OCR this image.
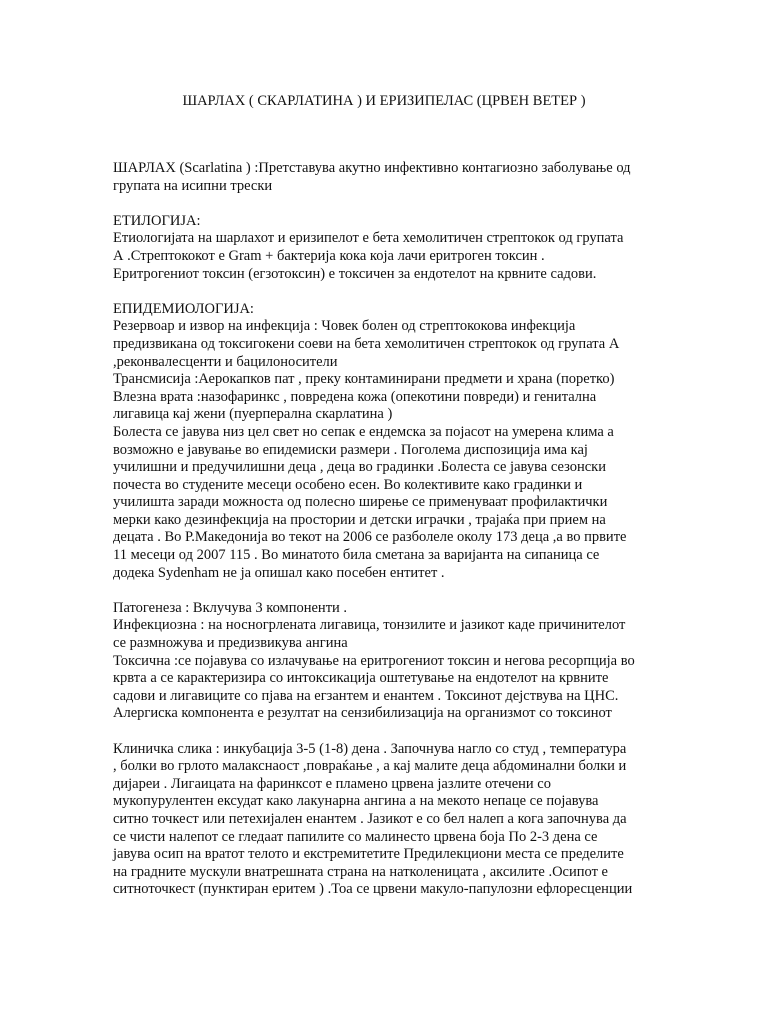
ШАРЛАХ ( СКАРЛАТИНА ) И ЕРИЗИПЕЛАС (ЦРВЕН ВЕТЕР )
ШАРЛАХ (Scarlatina ) :Претставува акутно инфективно контагиозно заболување од
групата на исипни трески
ЕТИЛОГИЈА:
Етиологијата на шарлахот и еризипелот е бета хемолитичен стрептокок од групата
А .Стрептококот е Gram + бактерија кока која лачи еритроген токсин .
Еритрогениот токсин (егзотоксин) е токсичен за ендотелот на крвните садови.
ЕПИДЕМИОЛОГИЈА:
Резервоар и извор на инфекција : Човек болен од стрептококова инфекција
предизвикана од токсигокени соеви на бета хемолитичен стрептокок од групата А
,реконвалесценти и бацилоносители
Трансмисија :Аерокапков пат , преку контаминирани предмети и храна (поретко)
Влезна врата :назофаринкс , повредена кожа (опекотини повреди) и генитална
лигавица кај жени (пуерперална скарлатина )
Болеста се јавува низ цел свет но сепак е ендемска за појасот на умерена клима а
возможно е јавување во епидемиски размери . Поголема диспозиција има кај
училишни и предучилишни деца , деца во градинки .Болеста се јавува сезонски
почеста во студените месеци особено есен. Во колективите како градинки и
училишта заради можноста од полесно ширење се применуваат профилактички
мерки како дезинфекција на простории и детски играчки , трајаќа при прием на
децата . Во Р.Македонија во текот на 2006 се разболеле околу 173 деца ,а во првите
11 месеци од 2007 115 . Во минатото била сметана за варијанта на сипаница се
додека Sydenham не ја опишал како посебен ентитет .
Патогенеза : Вклучува 3 компоненти .
Инфекциозна : на носногрлената лигавица, тонзилите и јазикот каде причинителот
се размножува и предизвикува ангина
Токсична :се појавува со излачување на еритрогениот токсин и негова ресорпција во
крвта а се карактеризира со интоксикација оштетување на ендотелот на крвните
садови и лигавиците со пјава на егзантем и енантем . Токсинот дејствува на ЦНС.
Алергиска компонента е резултат на сензибилизација на организмот со токсинот
Клиничка слика : инкубација 3-5 (1-8) дена . Започнува нагло со студ , температура
, болки во грлото малакснаост ,повраќање , а кај малите деца абдоминални болки и
дијареи . Лигаицата на фаринксот е пламено црвена јазлите отечени со
мукопурулентен ексудат како лакунарна ангина а на мекото непаце се појавува
ситно точкест или петехијален енантем . Јазикот е со бел налеп а кога започнува да
се чисти налепот се гледаат папилите со малинесто црвена боја По 2-3 дена се
јавува осип на вратот телото и екстремитетите Предилекциони места се пределите
на градните мускули внатрешната страна на натколеницата , аксилите .Осипот е
ситноточкест (пунктиран еритем ) .Тоа се црвени макуло-папулозни ефлоресценции
